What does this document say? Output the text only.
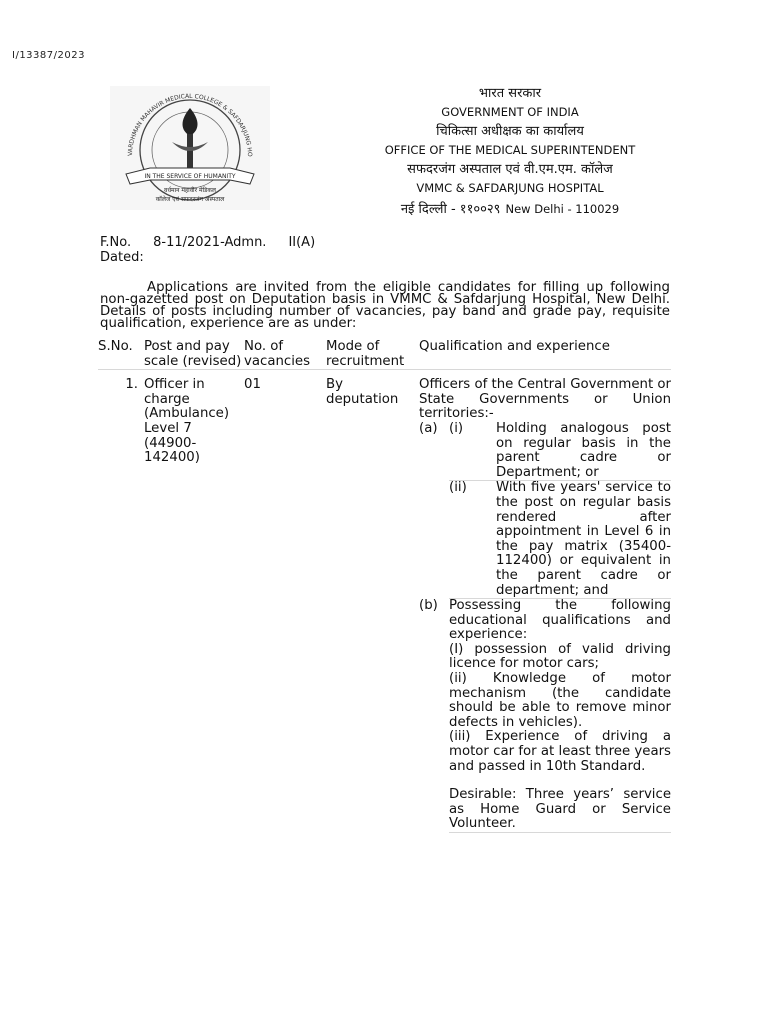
I/13387/2023
VARDHMAN MAHAVIR MEDICAL COLLEGE & SAFDARJUNG HO
IN THE SERVICE OF HUMANITY
वर्धमान महावीर मेडिकल
कॉलेज एवं सफदरजंग अस्पताल
भारत सरकार
GOVERNMENT OF INDIA
चिकित्सा अधीक्षक का कार्यालय
OFFICE OF THE MEDICAL SUPERINTENDENT
सफदरजंग अस्पताल एवं वी.एम.एम. कॉलेज
VMMC & SAFDARJUNG HOSPITAL
नई दिल्ली - ११००२९ New Delhi - 110029
F.No. 8-11/2021-Admn. II(A)
Dated:
Applications are invited from the eligible candidates for filling up following non-gazetted post on Deputation basis in VMMC & Safdarjung Hospital, New Delhi. Details of posts including number of vacancies, pay band and grade pay, requisite qualification, experience are as under:
S.No.	Post and pay scale (revised)	No. of vacancies	Mode of recruitment	Qualification and experience
1.	Officer in charge (Ambulance) Level 7 (44900-142400)	01	By deputation	
Officers of the Central Government or State Governments or Union territories:-
(a)	(i)	Holding analogous post on regular basis in the parent cadre or Department; or
	(ii)	With five years' service to the post on regular basis rendered after appointment in Level 6 in the pay matrix (35400-112400) or equivalent in the parent cadre or department; and
(b)	Possessing the following educational qualifications and experience:
(I) possession of valid driving licence for motor cars;
(ii) Knowledge of motor mechanism (the candidate should be able to remove minor defects in vehicles).
(iii) Experience of driving a motor car for at least three years and passed in 10th Standard.
Desirable: Three years’ service as Home Guard or Service Volunteer.
